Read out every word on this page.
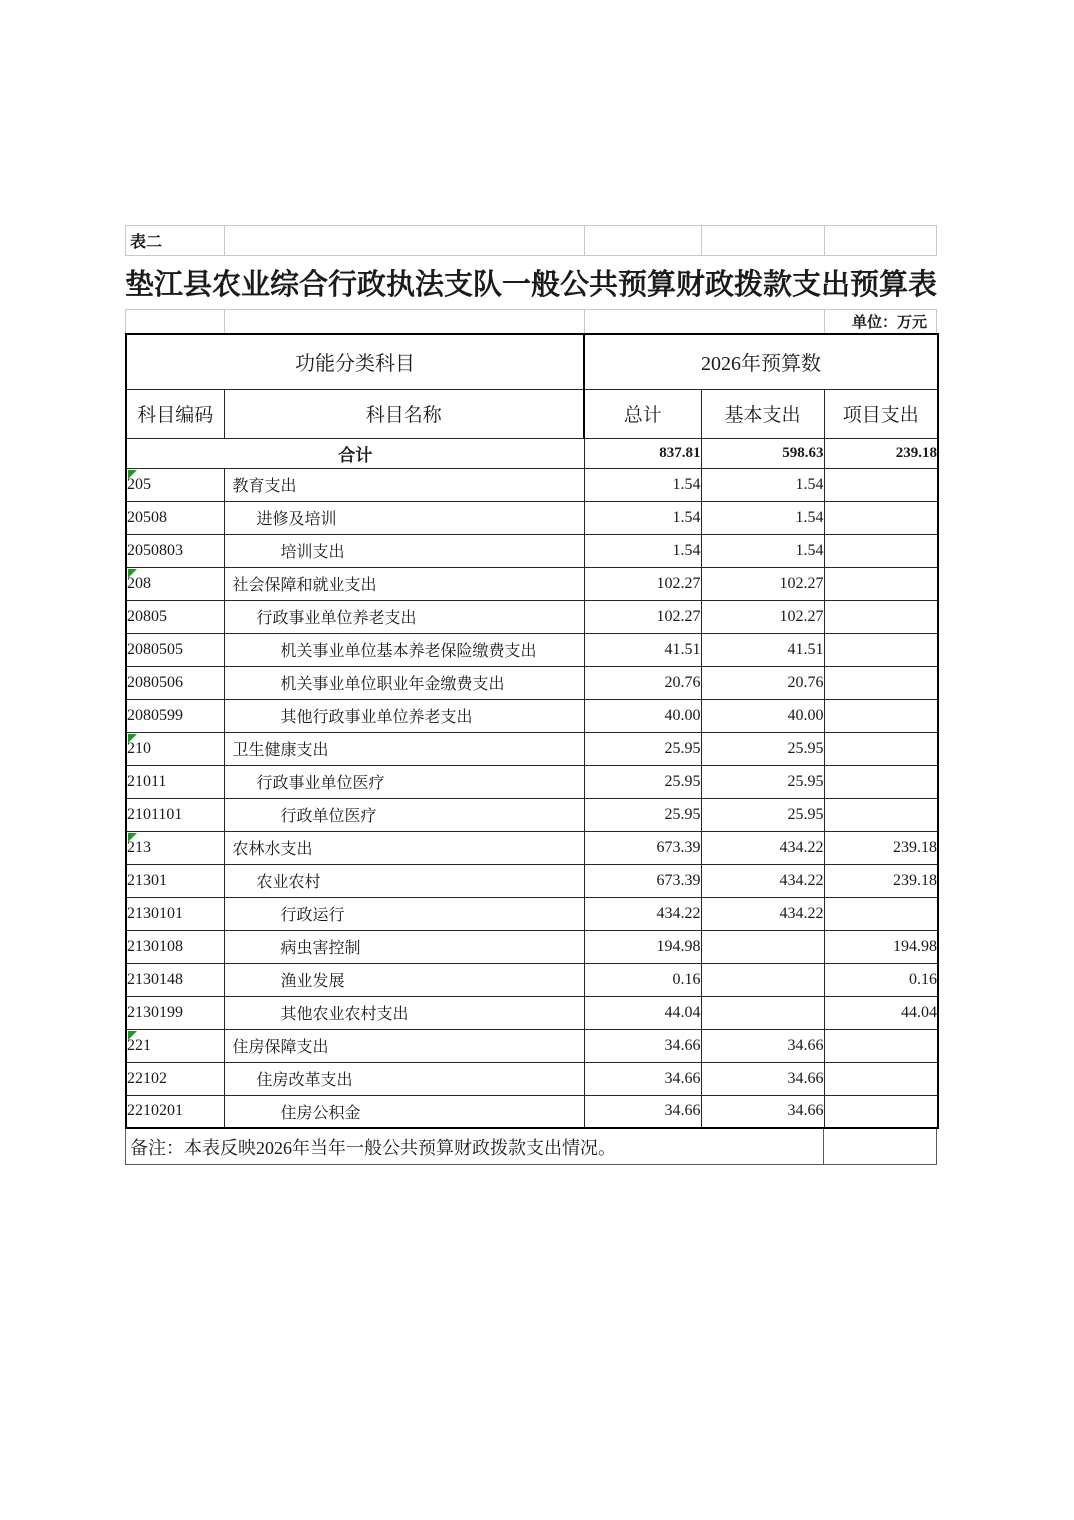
表二
垫江县农业综合行政执法支队一般公共预算财政拨款支出预算表
单位：万元
功能分类科目		2026年预算数		
科目编码	科目名称	总计	基本支出	项目支出
合计		837.81	598.63	239.18

205	教育支出	1.54	1.54	
20508	进修及培训	1.54	1.54	
2050803	培训支出	1.54	1.54	

208	社会保障和就业支出	102.27	102.27	
20805	行政事业单位养老支出	102.27	102.27	
2080505	机关事业单位基本养老保险缴费支出	41.51	41.51	
2080506	机关事业单位职业年金缴费支出	20.76	20.76	
2080599	其他行政事业单位养老支出	40.00	40.00	

210	卫生健康支出	25.95	25.95	
21011	行政事业单位医疗	25.95	25.95	
2101101	行政单位医疗	25.95	25.95	

213	农林水支出	673.39	434.22	239.18
21301	农业农村	673.39	434.22	239.18
2130101	行政运行	434.22	434.22	
2130108	病虫害控制	194.98		194.98
2130148	渔业发展	0.16		0.16
2130199	其他农业农村支出	44.04		44.04

221	住房保障支出	34.66	34.66	
22102	住房改革支出	34.66	34.66	
2210201	住房公积金	34.66	34.66	
备注：本表反映2026年当年一般公共预算财政拨款支出情况。
